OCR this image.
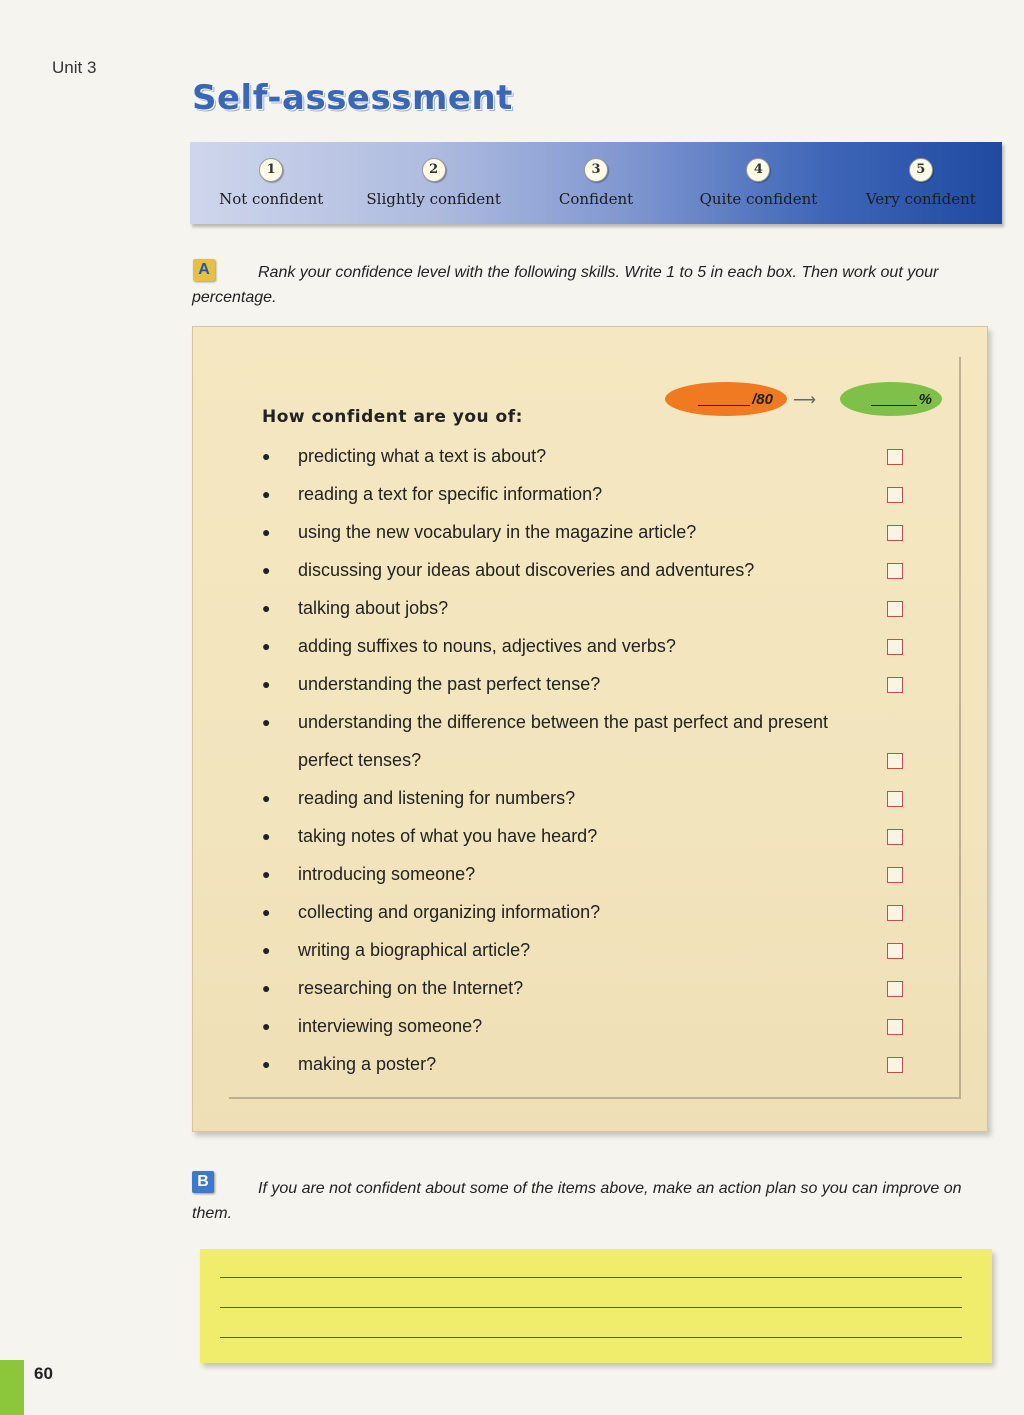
Unit 3
Self-assessment
1
Not confident
2
Slightly confident
3
Confident
4
Quite confident
5
Very confident
Rank your confidence level with the following skills. Write 1 to 5 in each box. Then work out your percentage.
A
/80 ⟶	%
How confident are you of:
●	predicting what a text is about?
●	reading a text for specific information?
●	using the new vocabulary in the magazine article?
●	discussing your ideas about discoveries and adventures?
●	talking about jobs?
●	adding suffixes to nouns, adjectives and verbs?
●	understanding the past perfect tense?
●	understanding the difference between the past perfect and present perfect tenses?
●	reading and listening for numbers?
●	taking notes of what you have heard?
●	introducing someone?
●	collecting and organizing information?
●	writing a biographical article?
●	researching on the Internet?
●	interviewing someone?
●	making a poster?
B	If you are not confident about some of the items above, make an action plan so you can improve on them.
60
